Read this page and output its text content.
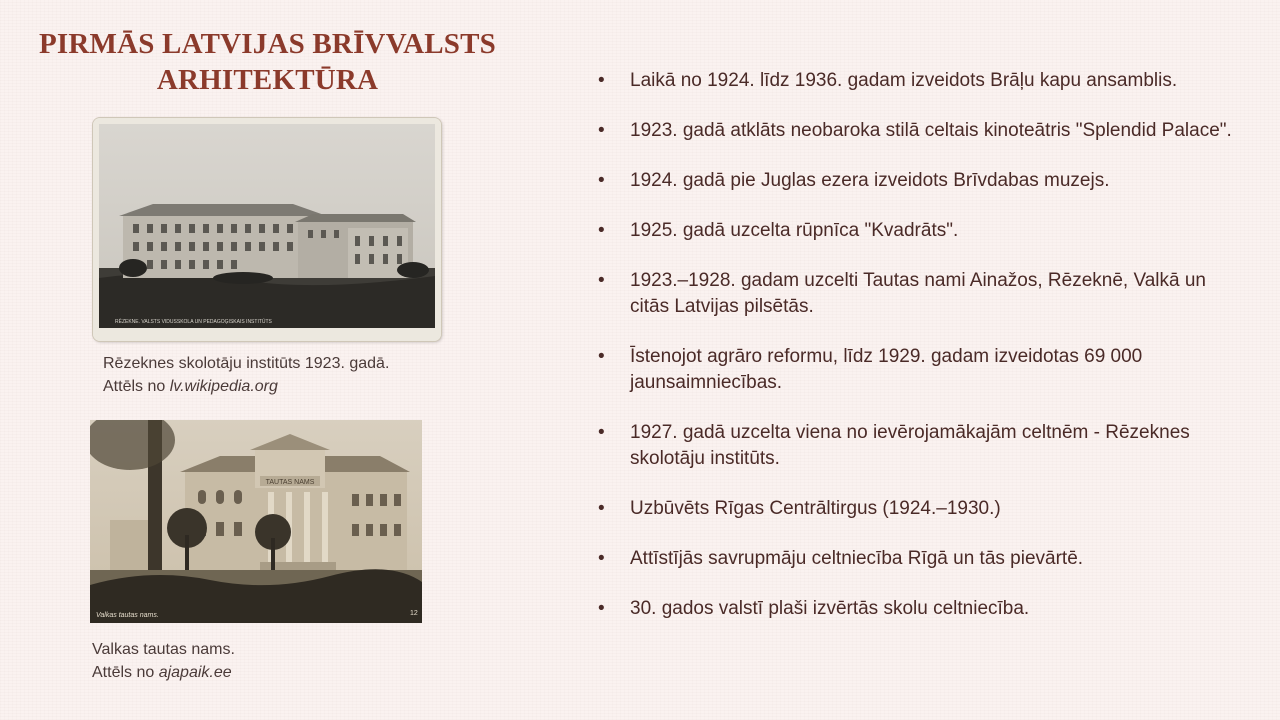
PIRMĀS LATVIJAS BRĪVVALSTS
ARHITEKTŪRA
RĒZEKNE. VALSTS VIDUSSKOLA UN PEDAGOĢISKAIS INSTITŪTS
Rēzeknes skolotāju institūts 1923. gadā.
Attēls no lv.wikipedia.org
TAUTAS NAMS
Valkas tautas nams.	12
Valkas tautas nams.
Attēls no ajapaik.ee
• Laikā no 1924. līdz 1936. gadam izveidots Brāļu kapu ansamblis.
• 1923. gadā atklāts neobaroka stilā celtais kinoteātris "Splendid Palace".
• 1924. gadā pie Juglas ezera izveidots Brīvdabas muzejs.
• 1925. gadā uzcelta rūpnīca "Kvadrāts".
• 1923.–1928. gadam uzcelti Tautas nami Ainažos, Rēzeknē, Valkā un citās Latvijas pilsētās.
• Īstenojot agrāro reformu, līdz 1929. gadam izveidotas 69 000 jaunsaimniecības.
• 1927. gadā uzcelta viena no ievērojamākajām celtnēm - Rēzeknes skolotāju institūts.
• Uzbūvēts Rīgas Centrāltirgus (1924.–1930.)
• Attīstījās savrupmāju celtniecība Rīgā un tās pievārtē.
• 30. gados valstī plaši izvērtās skolu celtniecība.
